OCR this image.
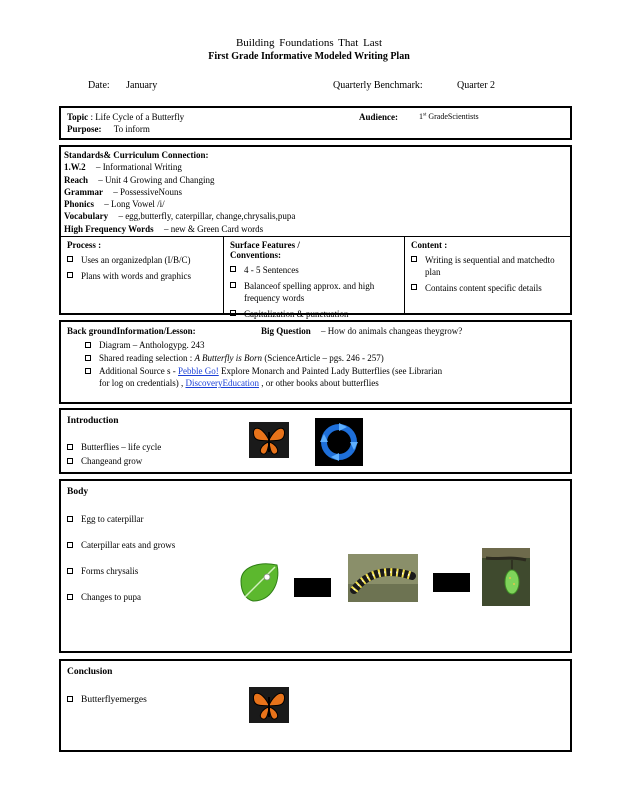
Building Foundations That Last
First Grade Informative Modeled Writing Plan
Date: January	Quarterly Benchmark:	Quarter 2
Topic : Life Cycle of a Butterfly
Purpose: To inform
Audience:	1st GradeScientists
Standards& Curriculum Connection:
1.W.2 – Informational Writing
Reach – Unit 4 Growing and Changing
Grammar – PossessiveNouns
Phonics – Long Vowel /i/
Vocabulary – egg,butterfly, caterpillar, change,chrysalis,pupa
High Frequency Words – new & Green Card words
Process :
Uses an organizedplan (I/B/C)
Plans with words and graphics
Surface Features /
Conventions:
4 - 5 Sentences
Balanceof spelling approx. and high frequency words
Capitalization & punctuation
Content :
Writing is sequential and matchedto plan
Contains content specific details
Back groundInformation/Lesson:	Big Question – How do animals changeas theygrow?
Diagram – Anthologypg. 243
Shared reading selection : A Butterfly is Born (ScienceArticle – pgs. 246 - 257)
Additional Source s - Pebble Go! Explore Monarch and Painted Lady Butterflies (see Librarian
for log on credentials) , DiscoveryEducation , or other books about butterflies
Introduction
Butterflies – life cycle
Changeand grow
Body
Egg to caterpillar
Caterpillar eats and grows
Forms chrysalis
Changes to pupa
Conclusion
Butterflyemerges
